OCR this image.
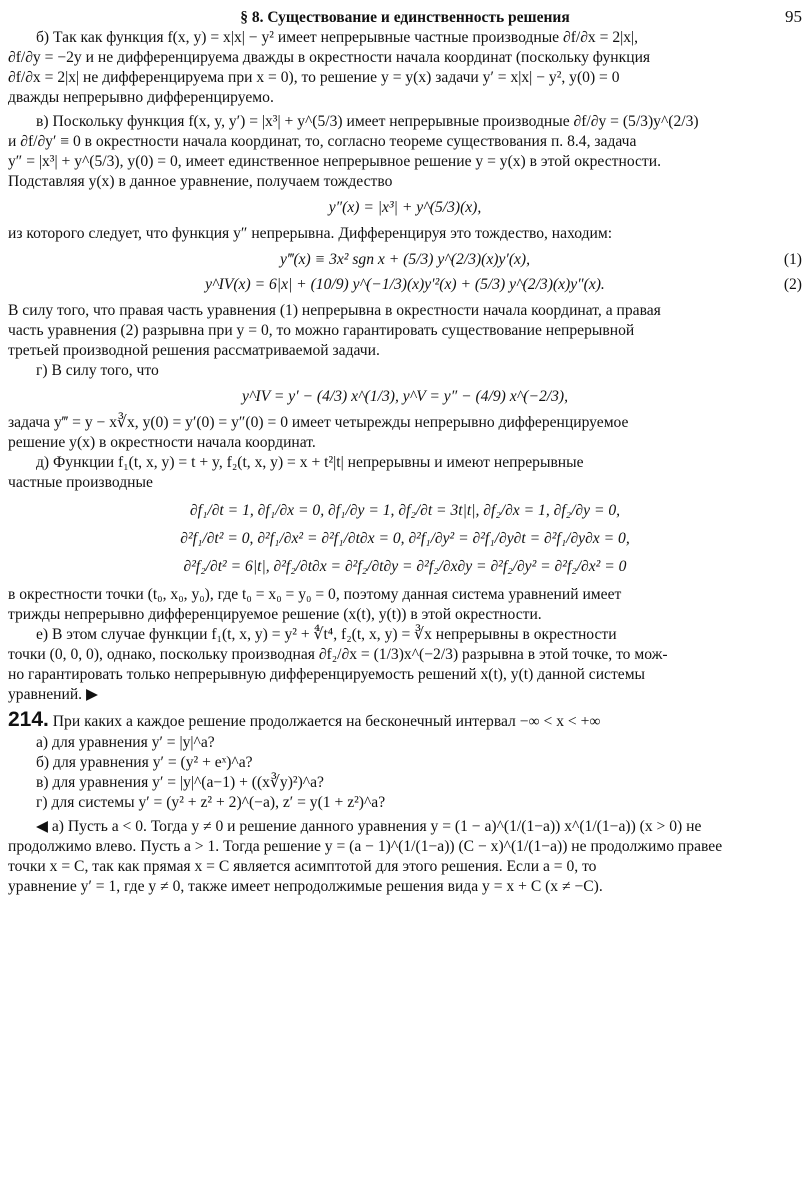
§ 8. Существование и единственность решения	95

б) Так как функция f(x, y) = x|x| − y² имеет непрерывные частные производные ∂f/∂x = 2|x|,

∂f/∂y = −2y и не дифференцируема дважды в окрестности начала координат (поскольку функция

∂f/∂x = 2|x| не дифференцируема при x = 0), то решение y = y(x) задачи y′ = x|x| − y², y(0) = 0

дважды непрерывно дифференцируемо.

в) Поскольку функция f(x, y, y′) = |x³| + y^(5/3) имеет непрерывные производные ∂f/∂y = (5/3)y^(2/3)

и ∂f/∂y′ ≡ 0 в окрестности начала координат, то, согласно теореме существования п. 8.4, задача

y″ = |x³| + y^(5/3), y(0) = 0, имеет единственное непрерывное решение y = y(x) в этой окрестности.

Подставляя y(x) в данное уравнение, получаем тождество

y″(x) = |x³| + y^(5/3)(x),

из которого следует, что функция y″ непрерывна. Дифференцируя это тождество, находим:

y‴(x) ≡ 3x² sgn x + (5/3) y^(2/3)(x)y′(x),	(1)
y^IV(x) = 6|x| + (10/9) y^(−1/3)(x)y′²(x) + (5/3) y^(2/3)(x)y″(x).	(2)

В силу того, что правая часть уравнения (1) непрерывна в окрестности начала координат, а правая

часть уравнения (2) разрывна при y = 0, то можно гарантировать существование непрерывной

третьей производной решения рассматриваемой задачи.

г) В силу того, что

y^IV = y′ − (4/3) x^(1/3), y^V = y″ − (4/9) x^(−2/3),

задача y‴ = y − x∛x, y(0) = y′(0) = y″(0) = 0 имеет четырежды непрерывно дифференцируемое

решение y(x) в окрестности начала координат.

д) Функции f₁(t, x, y) = t + y, f₂(t, x, y) = x + t²|t| непрерывны и имеют непрерывные

частные производные

∂f₁/∂t = 1, ∂f₁/∂x = 0, ∂f₁/∂y = 1, ∂f₂/∂t = 3t|t|, ∂f₂/∂x = 1, ∂f₂/∂y = 0,
∂²f₁/∂t² = 0, ∂²f₁/∂x² = ∂²f₁/∂t∂x = 0, ∂²f₁/∂y² = ∂²f₁/∂y∂t = ∂²f₁/∂y∂x = 0,
∂²f₂/∂t² = 6|t|, ∂²f₂/∂t∂x = ∂²f₂/∂t∂y = ∂²f₂/∂x∂y = ∂²f₂/∂y² = ∂²f₂/∂x² = 0

в окрестности точки (t₀, x₀, y₀), где t₀ = x₀ = y₀ = 0, поэтому данная система уравнений имеет

трижды непрерывно дифференцируемое решение (x(t), y(t)) в этой окрестности.

е) В этом случае функции f₁(t, x, y) = y² + ∜t⁴, f₂(t, x, y) = ∛x непрерывны в окрестности

точки (0, 0, 0), однако, поскольку производная ∂f₂/∂x = (1/3)x^(−2/3) разрывна в этой точке, то мож-

но гарантировать только непрерывную дифференцируемость решений x(t), y(t) данной системы

уравнений. ▶

214. При каких a каждое решение продолжается на бесконечный интервал −∞ < x < +∞

а) для уравнения y′ = |y|^a?

б) для уравнения y′ = (y² + eˣ)^a?

в) для уравнения y′ = |y|^(a−1) + ((x∛y)²)^a?

г) для системы y′ = (y² + z² + 2)^(−a), z′ = y(1 + z²)^a?

◀ а) Пусть a < 0. Тогда y ≠ 0 и решение данного уравнения y = (1 − a)^(1/(1−a)) x^(1/(1−a)) (x > 0) не

продолжимо влево. Пусть a > 1. Тогда решение y = (a − 1)^(1/(1−a)) (C − x)^(1/(1−a)) не продолжимо правее

точки x = C, так как прямая x = C является асимптотой для этого решения. Если a = 0, то

уравнение y′ = 1, где y ≠ 0, также имеет непродолжимые решения вида y = x + C (x ≠ −C).
